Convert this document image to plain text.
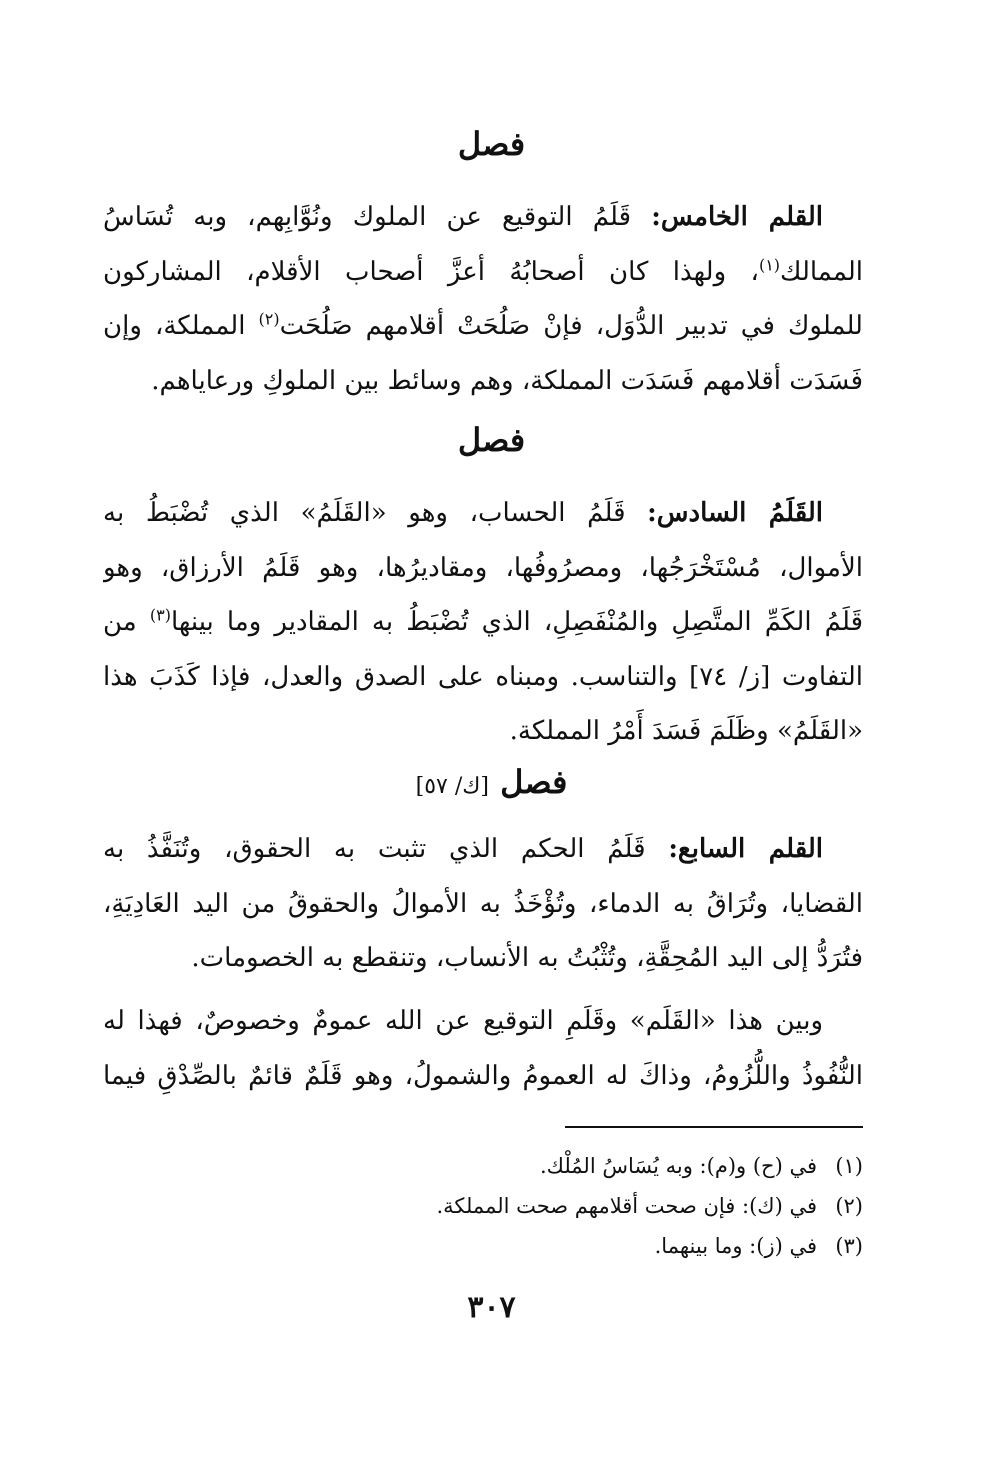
فصل
القلم الخامس: قَلَمُ التوقيع عن الملوك ونُوَّابِهم، وبه تُسَاسُ
الممالك$^{(١)}$، ولهذا كان أصحابُهُ أعزَّ أصحاب الأقلام، المشاركون
للملوك في تدبير الدُّوَل، فإنْ صَلُحَتْ أقلامهم صَلُحَت$^{(٢)}$ المملكة، وإن
فَسَدَت أقلامهم فَسَدَت المملكة، وهم وسائط بين الملوكِ ورعاياهم.
فصل
القَلَمُ السادس: قَلَمُ الحساب، وهو «القَلَمُ» الذي تُضْبَطُ به
الأموال، مُسْتَخْرَجُها، ومصرُوفُها، ومقاديرُها، وهو قَلَمُ الأرزاق، وهو
قَلَمُ الكَمِّ المتَّصِلِ والمُنْفَصِلِ، الذي تُضْبَطُ به المقادير وما بينها$^{(٣)}$ من
التفاوت [ز/ ٧٤] والتناسب. ومبناه على الصدق والعدل، فإذا كَذَبَ هذا
«القَلَمُ» وظَلَمَ فَسَدَ أَمْرُ المملكة.
فصل [ك/ ٥٧]
القلم السابع: قَلَمُ الحكم الذي تثبت به الحقوق، وتُنَفَّذُ به
القضايا، وتُرَاقُ به الدماء، وتُؤْخَذُ به الأموالُ والحقوقُ من اليد العَادِيَةِ،
فتُرَدُّ إلى اليد المُحِقَّةِ، وتُثْبُتُ به الأنساب، وتنقطع به الخصومات.
وبين هذا «القَلَم» وقَلَمِ التوقيع عن الله عمومٌ وخصوصٌ، فهذا له
النُّفُوذُ واللُّزُومُ، وذاكَ له العمومُ والشمولُ، وهو قَلَمٌ قائمٌ بالصِّدْقِ فيما
(١)في (ح) و(م): وبه يُسَاسُ المُلْك.
(٢)في (ك): فإن صحت أقلامهم صحت المملكة.
(٣)في (ز): وما بينهما.
٣٠٧
